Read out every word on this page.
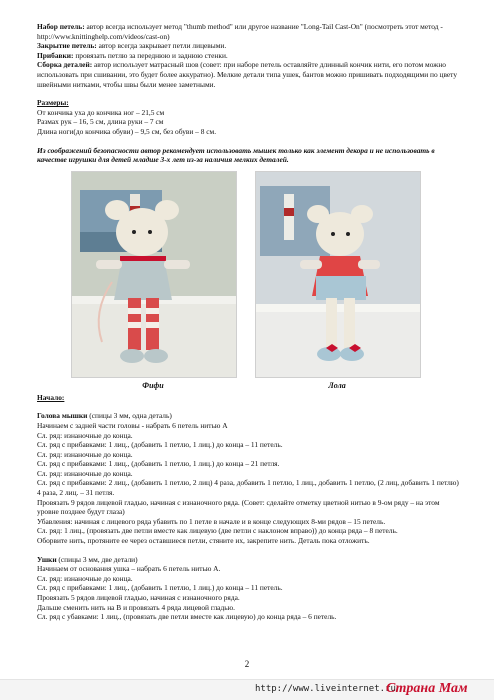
Набор петель: автор всегда использует метод "thumb method" или другое название "Long-Tail Cast-On" (посмотреть этот метод - http://www.knittinghelp.com/videos/cast-on)

Закрытие петель: автор всегда закрывает петли лицевыми.

Прибавки: провязать петлю за переднюю и заднюю стенки.

Сборка деталей: автор использует матрасный шов (совет: при наборе петель оставляйте длинный кончик нити, его потом можно использовать при сшивании, это будет более аккуратно). Мелкие детали типа ушек, бантов можно пришивать подходящими по цвету швейными нитками, чтобы швы были менее заметными.

Размеры:

От кончика уха до кончика ног – 21,5 см

Размах рук – 16, 5 см, длина руки – 7 см

Длина ноги(до кончика обуви) – 9,5 см, без обуви – 8 см.

Из соображений безопасности автор рекомендует использовать мышек только как элемент декора и не использовать в качестве игрушки для детей младше 3-х лет из-за наличия мелких деталей.

Фифи	Лола

Начало:

Голова мышки (спицы 3 мм, одна деталь)

Начинаем с задней части головы - набрать 6 петель нитью А

Сл. ряд: изнаночные до конца.

Сл. ряд с прибавками: 1 лиц., (добавить 1 петлю, 1 лиц.) до конца – 11 петель.

Сл. ряд: изнаночные до конца.

Сл. ряд с прибавками: 1 лиц., (добавить 1 петлю, 1 лиц.) до конца – 21 петля.

Сл. ряд: изнаночные до конца.

Сл. ряд с прибавками: 2 лиц., (добавить 1 петлю, 2 лиц) 4 раза, добавить 1 петлю, 1 лиц., добавить 1 петлю, (2 лиц, добавить 1 петлю) 4 раза, 2 лиц. – 31 петля.

Провязать 9 рядов лицевой гладью, начиная с изнаночного ряда. (Совет: сделайте отметку цветной нитью в 9-ом ряду – на этом уровне позднее будут глаза)

Убавления: начиная с лицевого ряда убавить по 1 петле в начале и в конце следующих 8-ми рядов – 15 петель.

Сл. ряд: 1 лиц., (провязать две петли вместе как лицевую (две петли с наклоном вправо)) до конца ряда – 8 петель.

Оборвите нить, протяните ее через оставшиеся петли, стяните их, закрепите нить. Деталь пока отложить.

Ушки (спицы 3 мм, две детали)

Начинаем от основания ушка – набрать 6 петель нитью А.

Сл. ряд: изнаночные до конца.

Сл. ряд с прибавками: 1 лиц., (добавить 1 петлю, 1 лиц.) до конца – 11 петель.

Провязать 5 рядов лицевой гладью, начиная с изнаночного ряда.

Дальше сменить нить на В и провязать 4 ряда лицевой гладью.

Сл. ряд с убавками: 1 лиц., (провязать две петли вместе как лицевую) до конца ряда – 6 петель.

2
http://www.liveinternet.ru
Страна Мам
